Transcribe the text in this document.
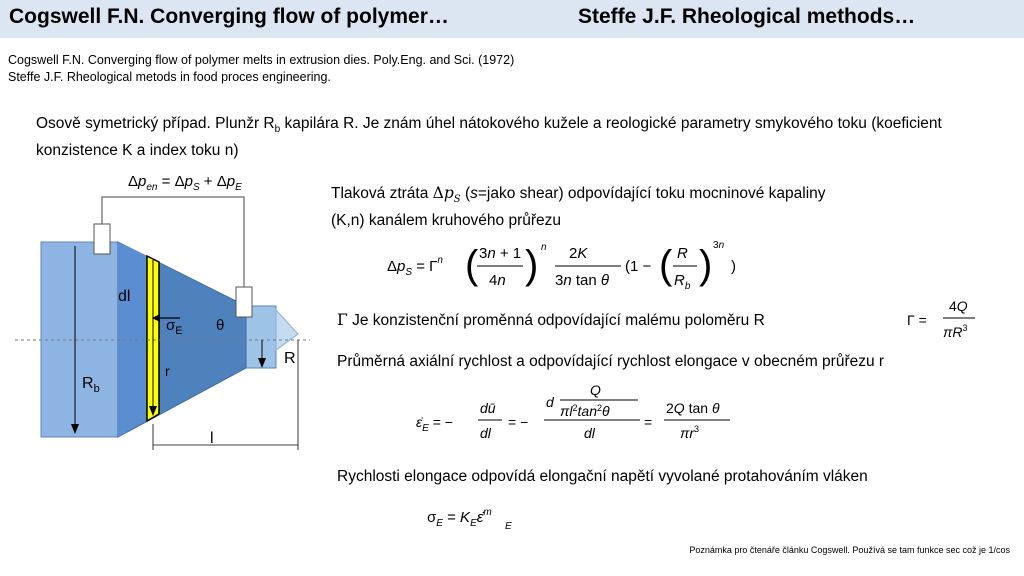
Cogswell F.N. Converging flow of polymer…	Steffe J.F. Rheological methods…
Cogswell F.N. Converging flow of polymer melts in extrusion dies. Poly.Eng. and Sci. (1972)
Steffe J.F. Rheological metods in food proces engineering.
Osově symetrický případ. Plunžr $R_b$ kapilára R. Je znám úhel nátokového kužele a reologické parametry smykového toku (koeficient konzistence K a index toku n)
$\Delta p_{en} = \Delta p_S + \Delta p_E$
dl
$\sigma_E$ θ
r
$R_b$
R
l
Tlaková ztráta $\Delta p_S$ (s=jako shear) odpovídající toku mocninové kapaliny
(K,n) kanálem kruhového průřezu
$\Delta p_S = \Gamma^n$ ( 3n + 1
4n ) n 2K
3n tan θ
(1 − ( R
$R_b$ ) 3n
)
Γ Je konzistenční proměnná odpovídající malému poloměru R	Γ =
4Q
$\pi R^3$
Průměrná axiální rychlost a odpovídající rychlost elongace v obecném průřezu r
$\varepsiloṅ_E$ = −
dū
dl
= −
d
Q
$\pi l^2\tan^2\theta$
dl
=
2Q tan θ
$\pi r^3$
Rychlosti elongace odpovídá elongační napětí vyvolané protahováním vláken
$\sigma_E$ = $K_E\varepsiloṅ^m$
E
Poznámka pro čtenáře článku Cogswell. Používá se tam funkce sec což je 1/cos
